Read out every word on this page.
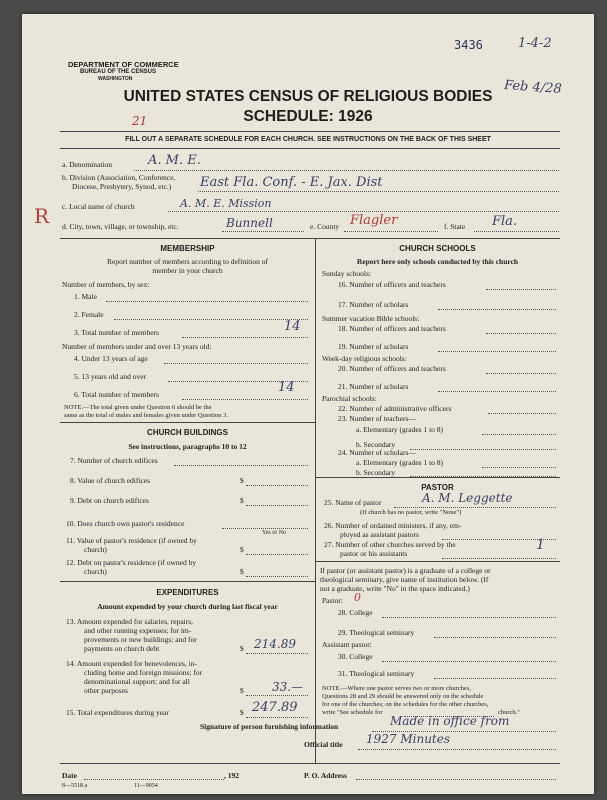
3436	1-4-2
Feb 4/28
21
R
DEPARTMENT OF COMMERCE
BUREAU OF THE CENSUS
WASHINGTON
UNITED STATES CENSUS OF RELIGIOUS BODIES
SCHEDULE: 1926
FILL OUT A SEPARATE SCHEDULE FOR EACH CHURCH. SEE INSTRUCTIONS ON THE BACK OF THIS SHEET
a. Denomination	A. M. E.
b. Division (Association, Conference,
Diocese, Presbytery, Synod, etc.) East Fla. Conf. - E. Jax. Dist
c. Local name of church	A. M. E. Mission
d. City, town, village, or township, etc.	Bunnell	e. County Flagler	f. State Fla.
MEMBERSHIP
Report number of members according to definition of
member in your church
Number of members, by sex:
1. Male
2. Female
3. Total number of members	14
Number of members under and over 13 years old:
4. Under 13 years of age
5. 13 years old and over
6. Total number of members	14
NOTE.—The total given under Question 6 should be the
same as the total of males and females given under Question 3.
CHURCH BUILDINGS
See instructions, paragraphs 10 to 12
7. Number of church edifices
8. Value of church edifices	$
9. Debt on church edifices	$
10. Does church own pastor's residence
Yes or No
11. Value of pastor's residence (if owned by
church)	$
12. Debt on pastor's residence (if owned by
church)	$
EXPENDITURES
Amount expended by your church during last fiscal year
13. Amount expended for salaries, repairs,
and other running expenses; for im-
provements or new buildings; and for
payments on church debt	$ 214.89
14. Amount expended for benevolences, in-
cluding home and foreign missions; for
denominational support; and for all
other purposes	$ 33.—
15. Total expenditures during year	$ 247.89
CHURCH SCHOOLS
Report here only schools conducted by this church
Sunday schools:
16. Number of officers and teachers
17. Number of scholars
Summer vacation Bible schools:
18. Number of officers and teachers
19. Number of scholars
Week-day religious schools:
20. Number of officers and teachers
21. Number of scholars
Parochial schools:
22. Number of administrative officers
23. Number of teachers—
a. Elementary (grades 1 to 8)
b. Secondary
24. Number of scholars—
a. Elementary (grades 1 to 8)
b. Secondary
PASTOR
25. Name of pastor	A. M. Leggette
(If church has no pastor, write "None")
26. Number of ordained ministers, if any, em-
ployed as assistant pastors
27. Number of other churches served by the
pastor or his assistants
1
If pastor (or assistant pastor) is a graduate of a college or
theological seminary, give name of institution below. (If
not a graduate, write "No" in the space indicated.)
Pastor: 0
28. College
29. Theological seminary
Assistant pastor:
30. College
31. Theological seminary
NOTE.—Where one pastor serves two or more churches,
Questions 28 and 29 should be answered only on the schedule
for one of the churches; on the schedules for the other churches,
write "See schedule for	church."
Signature of person furnishing information	Made in office from
Official title 1927 Minutes
Date	, 192	P. O. Address
8—5518 a	11—9054
